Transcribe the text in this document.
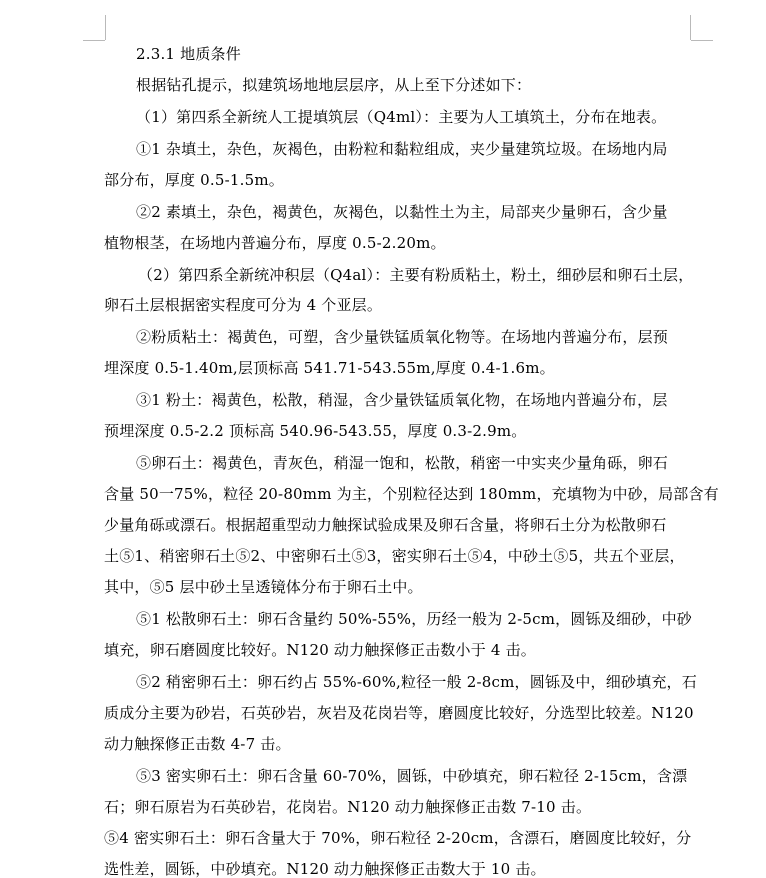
2.3.1 地质条件
根据钻孔提示，拟建筑场地地层层序，从上至下分述如下：
（1）第四系全新统人工提填筑层（Q4ml）：主要为人工填筑土，分布在地表。
①1 杂填土，杂色，灰褐色，由粉粒和黏粒组成，夹少量建筑垃圾。在场地内局
部分布，厚度 0.5-1.5m。
②2 素填土，杂色，褐黄色，灰褐色，以黏性土为主，局部夹少量卵石，含少量
植物根茎，在场地内普遍分布，厚度 0.5-2.20m。
（2）第四系全新统冲积层（Q4al）：主要有粉质粘土，粉土，细砂层和卵石土层，
卵石土层根据密实程度可分为 4 个亚层。
②粉质粘土：褐黄色，可塑，含少量铁锰质氧化物等。在场地内普遍分布，层预
埋深度 0.5-1.40m,层顶标高 541.71-543.55m,厚度 0.4-1.6m。
③1 粉土：褐黄色，松散，稍湿，含少量铁锰质氧化物，在场地内普遍分布，层
预埋深度 0.5-2.2 顶标高 540.96-543.55，厚度 0.3-2.9m。
⑤卵石土：褐黄色，青灰色，稍湿一饱和，松散，稍密一中实夹少量角砾，卵石
含量 50一75%，粒径 20-80mm 为主，个别粒径达到 180mm，充填物为中砂，局部含有
少量角砾或漂石。根据超重型动力触探试验成果及卵石含量，将卵石土分为松散卵石
土⑤1、稍密卵石土⑤2、中密卵石土⑤3，密实卵石土⑤4，中砂土⑤5，共五个亚层，
其中，⑤5 层中砂土呈透镜体分布于卵石土中。
⑤1 松散卵石土：卵石含量约 50%-55%，历经一般为 2-5cm，圆铄及细砂，中砂
填充，卵石磨圆度比较好。N120 动力触探修正击数小于 4 击。
⑤2 稍密卵石土：卵石约占 55%-60%,粒径一般 2-8cm，圆铄及中，细砂填充，石
质成分主要为砂岩，石英砂岩，灰岩及花岗岩等，磨圆度比较好，分选型比较差。N120
动力触探修正击数 4-7 击。
⑤3 密实卵石土：卵石含量 60-70%，圆铄，中砂填充，卵石粒径 2-15cm，含漂
石；卵石原岩为石英砂岩，花岗岩。N120 动力触探修正击数 7-10 击。
⑤4 密实卵石土：卵石含量大于 70%，卵石粒径 2-20cm，含漂石，磨圆度比较好，分
选性差，圆铄，中砂填充。N120 动力触探修正击数大于 10 击。
